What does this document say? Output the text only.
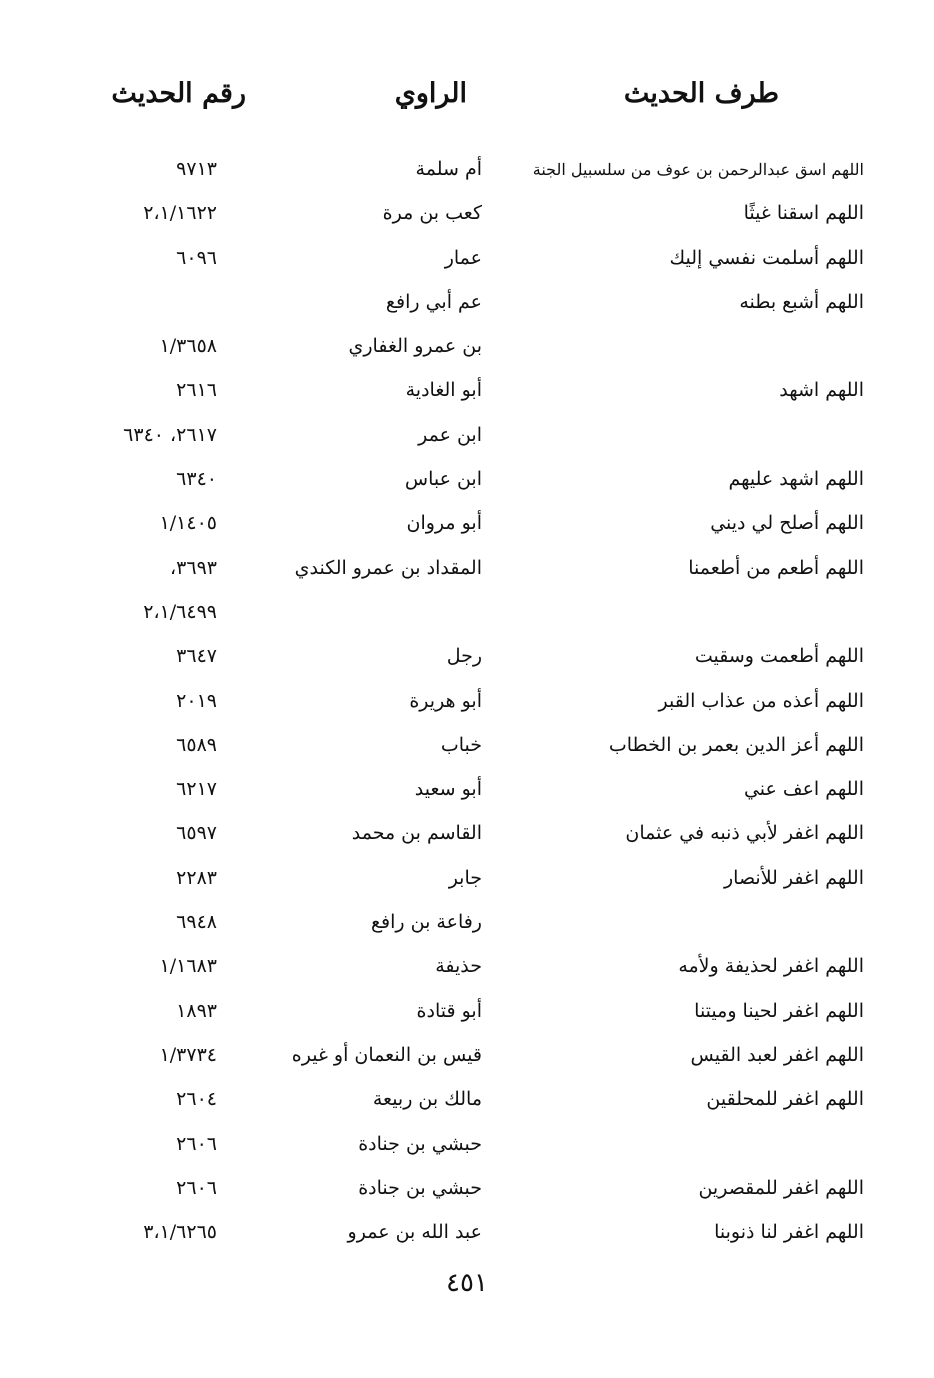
طرف الحديث
الراوي
رقم الحديث
اللهم اسق عبدالرحمن بن عوف من سلسبيل الجنة
أم سلمة
٩٧١٣
اللهم اسقنا غيثًا
كعب بن مرة
٢،١/١٦٢٢
اللهم أسلمت نفسي إليك
عمار
٦٠٩٦
اللهم أشبع بطنه
عم أبي رافع
بن عمرو الغفاري
١/٣٦٥٨
اللهم اشهد
أبو الغادية
٢٦١٦
ابن عمر
٢٦١٧، ٦٣٤٠
اللهم اشهد عليهم
ابن عباس
٦٣٤٠
اللهم أصلح لي ديني
أبو مروان
١/١٤٠٥
اللهم أطعم من أطعمنا
المقداد بن عمرو الكندي
٣٦٩٣،
٢،١/٦٤٩٩
اللهم أطعمت وسقيت
رجل
٣٦٤٧
اللهم أعذه من عذاب القبر
أبو هريرة
٢٠١٩
اللهم أعز الدين بعمر بن الخطاب
خباب
٦٥٨٩
اللهم اعف عني
أبو سعيد
٦٢١٧
اللهم اغفر لأبي ذنبه في عثمان
القاسم بن محمد
٦٥٩٧
اللهم اغفر للأنصار
جابر
٢٢٨٣
رفاعة بن رافع
٦٩٤٨
اللهم اغفر لحذيفة ولأمه
حذيفة
١/١٦٨٣
اللهم اغفر لحينا وميتنا
أبو قتادة
١٨٩٣
اللهم اغفر لعبد القيس
قيس بن النعمان أو غيره
١/٣٧٣٤
اللهم اغفر للمحلقين
مالك بن ربيعة
٢٦٠٤
حبشي بن جنادة
٢٦٠٦
اللهم اغفر للمقصرين
حبشي بن جنادة
٢٦٠٦
اللهم اغفر لنا ذنوبنا
عبد الله بن عمرو
٣،١/٦٢٦٥
٤٥١
